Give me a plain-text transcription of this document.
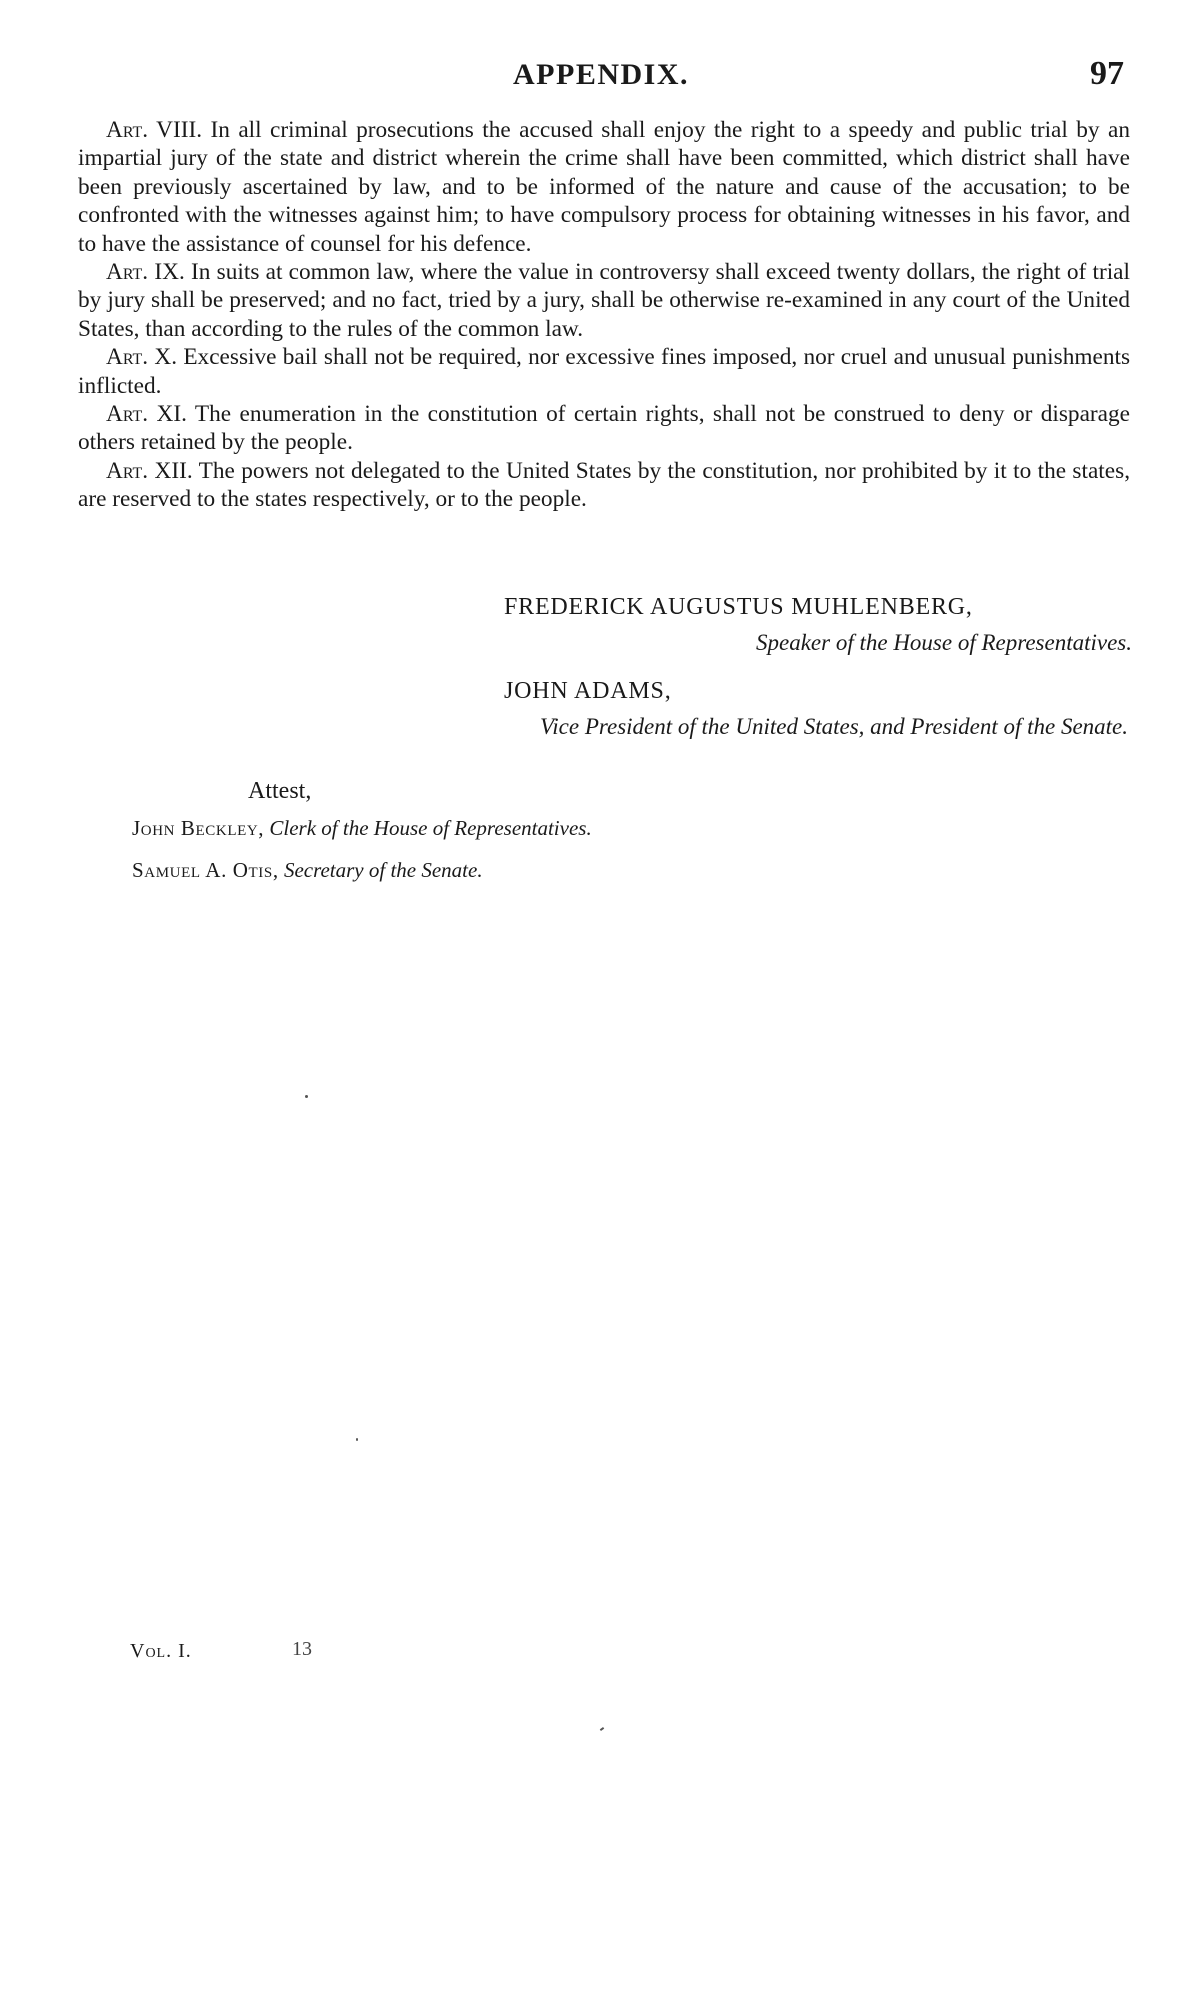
APPENDIX.	97

Art. VIII. In all criminal prosecutions the accused shall enjoy the right to a speedy and public trial by an impartial jury of the state and district wherein the crime shall have been committed, which district shall have been previously ascertained by law, and to be informed of the nature and cause of the accusation; to be confronted with the witnesses against him; to have compulsory process for obtaining witnesses in his favor, and to have the assistance of counsel for his defence.

Art. IX. In suits at common law, where the value in controversy shall exceed twenty dollars, the right of trial by jury shall be preserved; and no fact, tried by a jury, shall be otherwise re-examined in any court of the United States, than according to the rules of the common law.

Art. X. Excessive bail shall not be required, nor excessive fines imposed, nor cruel and unusual punishments inflicted.

Art. XI. The enumeration in the constitution of certain rights, shall not be construed to deny or disparage others retained by the people.

Art. XII. The powers not delegated to the United States by the constitution, nor prohibited by it to the states, are reserved to the states respectively, or to the people.

FREDERICK AUGUSTUS MUHLENBERG,
Speaker of the House of Representatives.
JOHN ADAMS,
Vice President of the United States, and President of the Senate.
Attest,
John Beckley, Clerk of the House of Representatives.
Samuel A. Otis, Secretary of the Senate.
Vol. I.	13
